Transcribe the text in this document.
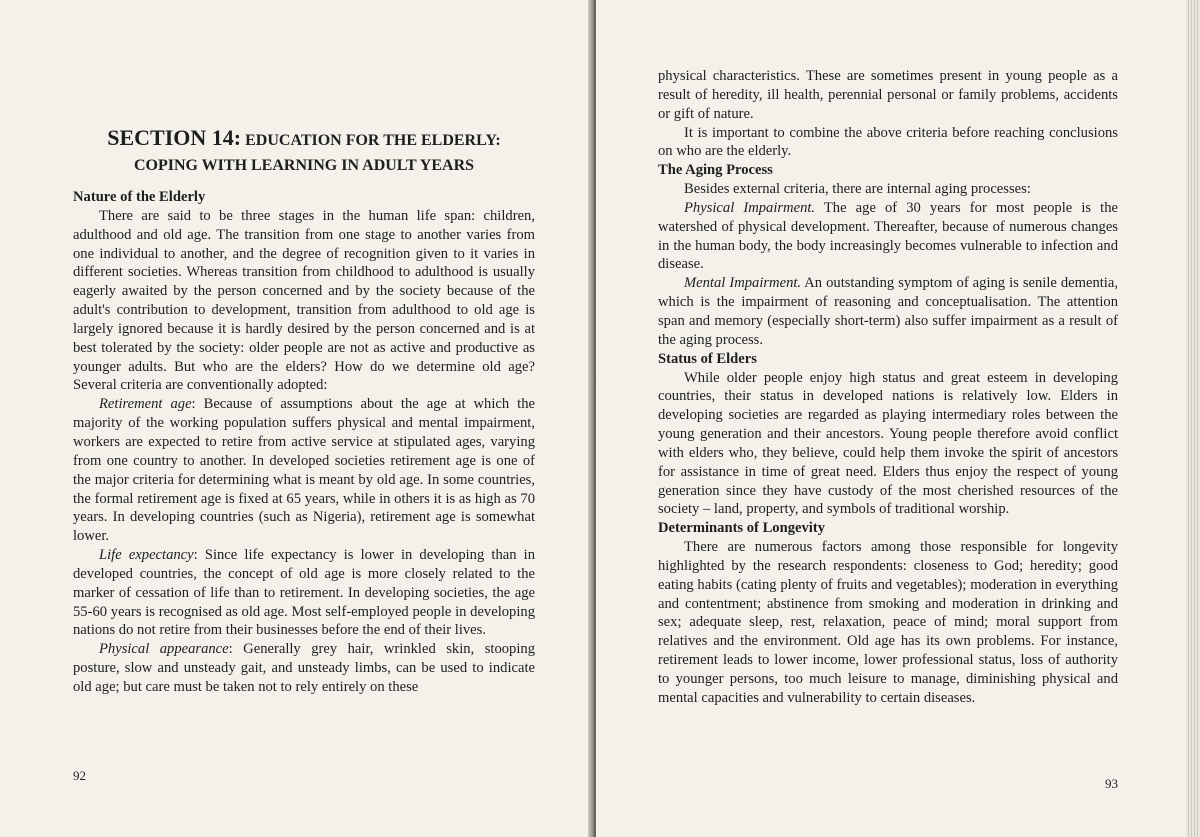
SECTION 14: EDUCATION FOR THE ELDERLY:
COPING WITH LEARNING IN ADULT YEARS
Nature of the Elderly

There are said to be three stages in the human life span: children, adulthood and old age. The transition from one stage to another varies from one individual to another, and the degree of recognition given to it varies in different societies. Whereas transition from childhood to adulthood is usually eagerly awaited by the person concerned and by the society because of the adult's contribution to development, transition from adulthood to old age is largely ignored because it is hardly desired by the person concerned and is at best tolerated by the society: older people are not as active and productive as younger adults. But who are the elders? How do we determine old age? Several criteria are conventionally adopted:

Retirement age: Because of assumptions about the age at which the majority of the working population suffers physical and mental impairment, workers are expected to retire from active service at stipulated ages, varying from one country to another. In developed societies retirement age is one of the major criteria for determining what is meant by old age. In some countries, the formal retirement age is fixed at 65 years, while in others it is as high as 70 years. In developing countries (such as Nigeria), retirement age is somewhat lower.

Life expectancy: Since life expectancy is lower in developing than in developed countries, the concept of old age is more closely related to the marker of cessation of life than to retirement. In developing societies, the age 55-60 years is recognised as old age. Most self-employed people in developing nations do not retire from their businesses before the end of their lives.

Physical appearance: Generally grey hair, wrinkled skin, stooping posture, slow and unsteady gait, and unsteady limbs, can be used to indicate old age; but care must be taken not to rely entirely on these

92

physical characteristics. These are sometimes present in young people as a result of heredity, ill health, perennial personal or family problems, accidents or gift of nature.

It is important to combine the above criteria before reaching conclusions on who are the elderly.

The Aging Process

Besides external criteria, there are internal aging processes:

Physical Impairment. The age of 30 years for most people is the watershed of physical development. Thereafter, because of numerous changes in the human body, the body increasingly becomes vulnerable to infection and disease.

Mental Impairment. An outstanding symptom of aging is senile dementia, which is the impairment of reasoning and conceptualisation. The attention span and memory (especially short-term) also suffer impairment as a result of the aging process.

Status of Elders

While older people enjoy high status and great esteem in developing countries, their status in developed nations is relatively low. Elders in developing societies are regarded as playing intermediary roles between the young generation and their ancestors. Young people therefore avoid conflict with elders who, they believe, could help them invoke the spirit of ancestors for assistance in time of great need. Elders thus enjoy the respect of young generation since they have custody of the most cherished resources of the society – land, property, and symbols of traditional worship.

Determinants of Longevity

There are numerous factors among those responsible for longevity highlighted by the research respondents: closeness to God; heredity; good eating habits (cating plenty of fruits and vegetables); moderation in everything and contentment; abstinence from smoking and moderation in drinking and sex; adequate sleep, rest, relaxation, peace of mind; moral support from relatives and the environment. Old age has its own problems. For instance, retirement leads to lower income, lower professional status, loss of authority to younger persons, too much leisure to manage, diminishing physical and mental capacities and vulnerability to certain diseases.

93
